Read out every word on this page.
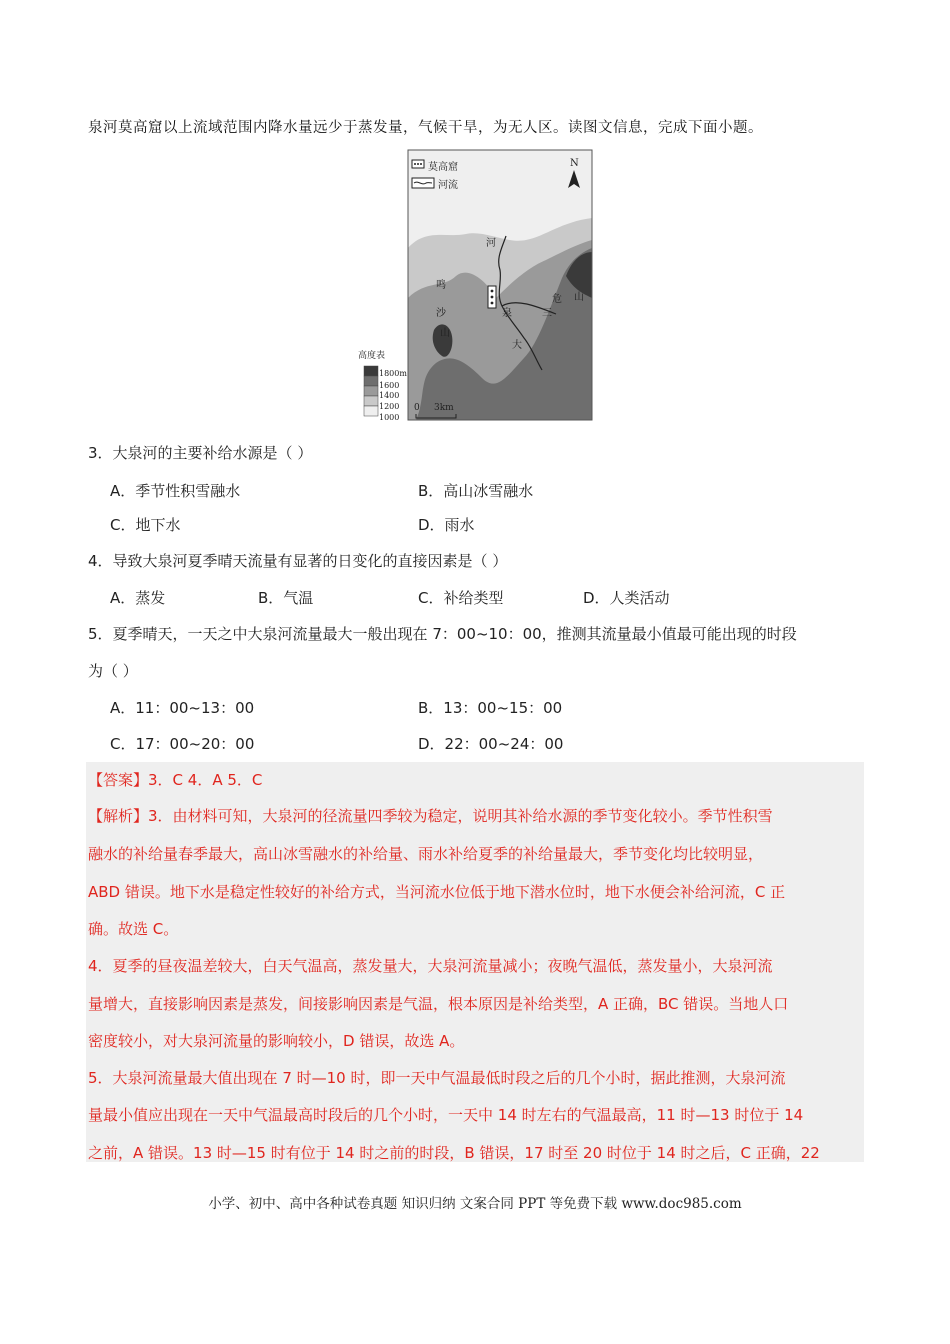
泉河莫高窟以上流域范围内降水量远少于蒸发量，气候干旱，为无人区。读图文信息，完成下面小题。
莫高窟
河流
N
河
泉
大
鸣
沙
山
危
三
山
高度表
1800m
1600
1400
1200
1000
0 3km
3．大泉河的主要补给水源是（ ）
A．季节性积雪融水	B．高山冰雪融水
C．地下水	D．雨水
4．导致大泉河夏季晴天流量有显著的日变化的直接因素是（ ）
A．蒸发	B．气温	C．补给类型	D．人类活动
5．夏季晴天，一天之中大泉河流量最大一般出现在 7：00~10：00，推测其流量最小值最可能出现的时段
为（ ）
A．11：00~13：00	B．13：00~15：00
C．17：00~20：00	D．22：00~24：00
【答案】3．C 4．A 5．C
【解析】3．由材料可知，大泉河的径流量四季较为稳定，说明其补给水源的季节变化较小。季节性积雪
融水的补给量春季最大，高山冰雪融水的补给量、雨水补给夏季的补给量最大，季节变化均比较明显，
ABD 错误。地下水是稳定性较好的补给方式，当河流水位低于地下潜水位时，地下水便会补给河流，C 正
确。故选 C。
4．夏季的昼夜温差较大，白天气温高，蒸发量大，大泉河流量减小；夜晚气温低，蒸发量小，大泉河流
量增大，直接影响因素是蒸发，间接影响因素是气温，根本原因是补给类型，A 正确，BC 错误。当地人口
密度较小，对大泉河流量的影响较小，D 错误，故选 A。
5．大泉河流量最大值出现在 7 时—10 时，即一天中气温最低时段之后的几个小时，据此推测，大泉河流
量最小值应出现在一天中气温最高时段后的几个小时，一天中 14 时左右的气温最高，11 时—13 时位于 14
之前，A 错误。13 时—15 时有位于 14 时之前的时段，B 错误，17 时至 20 时位于 14 时之后，C 正确，22
小学、初中、高中各种试卷真题 知识归纳 文案合同 PPT 等免费下载 www.doc985.com
